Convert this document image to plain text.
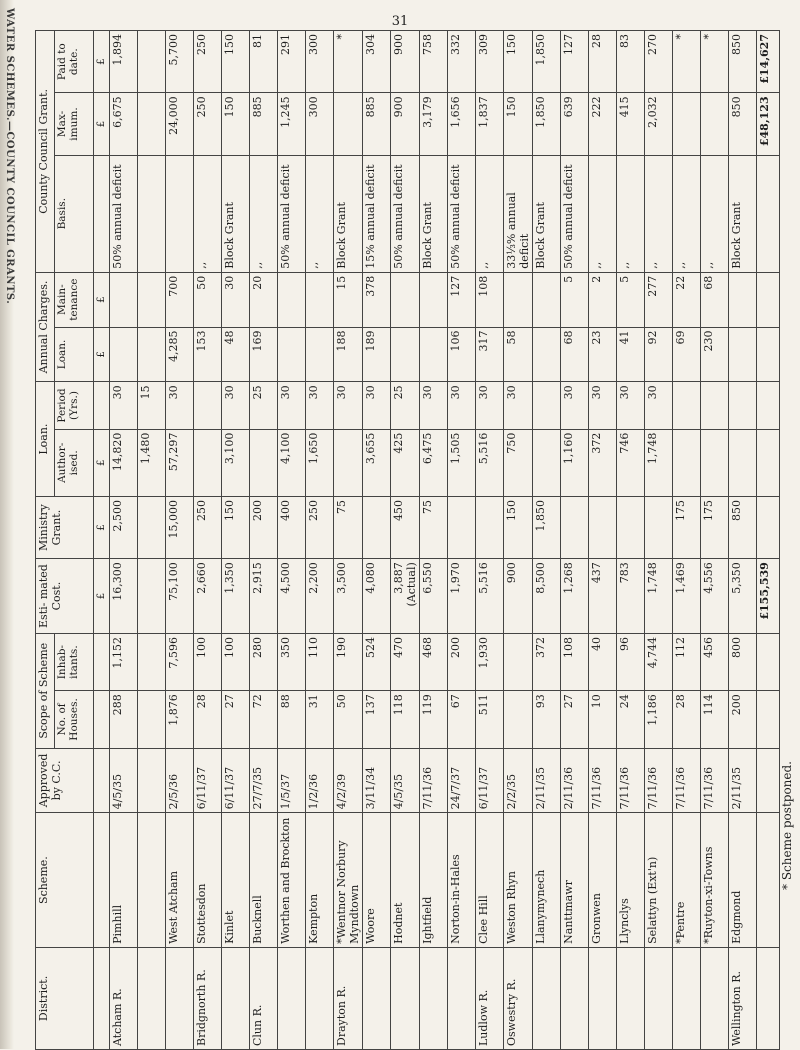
WATER SCHEMES.—COUNTY COUNCIL GRANTS.	31
District.	Scheme.	Approved by C.C.	Scope of Scheme		Esti- mated Cost.	Ministry Grant.	Loan.		Annual Charges.		County Council Grant.		
			No. of Houses.	Inhab- itants.			Author- ised.	Period (Yrs.)	Loan.	Main- tenance	Basis.	Max- imum.	Paid to date.
					£	£	£		£	£		£	£
Atcham R.	Pimhill	4/5/35	288	1,152	16,300	2,500	14,820	30			50% annual deficit	6,675	1,894
							1,480	15					
	West Atcham	2/5/36	1,876	7,596	75,100	15,000	57,297	30	4,285	700		24,000	5,700
Bridgnorth R.	Stottesdon	6/11/37	28	100	2,660	250			153	50	,,	250	250
	Kinlet	6/11/37	27	100	1,350	150	3,100	30	48	30	Block Grant	150	150
Clun R.	Bucknell	27/7/35	72	280	2,915	200		25	169	20	,,	885	81
	Worthen and Brockton	1/5/37	88	350	4,500	400	4,100	30			50% annual deficit	1,245	291
	Kempton	1/2/36	31	110	2,200	250	1,650	30			,,	300	300
Drayton R.	*Wentnor Norbury Myndtown	4/2/39	50	190	3,500	75		30	188	15	Block Grant		*
	Woore	3/11/34	137	524	4,080		3,655	30	189	378	15% annual deficit	885	304
	Hodnet	4/5/35	118	470	3,887 (Actual)	450	425	25			50% annual deficit	900	900
	Ightfield	7/11/36	119	468	6,550	75	6,475	30			Block Grant	3,179	758
	Norton-in-Hales	24/7/37	67	200	1,970		1,505	30	106	127	50% annual deficit	1,656	332
Ludlow R.	Clee Hill	6/11/37	511	1,930	5,516		5,516	30	317	108	,,	1,837	309
Oswestry R.	Weston Rhyn	2/2/35			900	150	750	30	58		33⅓% annual deficit	150	150
	Llanymynech	2/11/35	93	372	8,500	1,850					Block Grant	1,850	1,850
	Nanttmawr	2/11/36	27	108	1,268		1,160	30	68	5	50% annual deficit	639	127
	Gronwen	7/11/36	10	40	437		372	30	23	2	,,	222	28
	Llynclys	7/11/36	24	96	783		746	30	41	5	,,	415	83
	Selattyn (Ext'n)	7/11/36	1,186	4,744	1,748		1,748	30	92	277	,,	2,032	270
	*Pentre	7/11/36	28	112	1,469	175			69	22	,,		*
	*Ruyton-xi-Towns	7/11/36	114	456	4,556	175			230	68	,,		*
Wellington R.	Edgmond	2/11/35	200	800	5,350	850					Block Grant	850	850
					£155,539							£48,123	£14,627
* Scheme postponed.
